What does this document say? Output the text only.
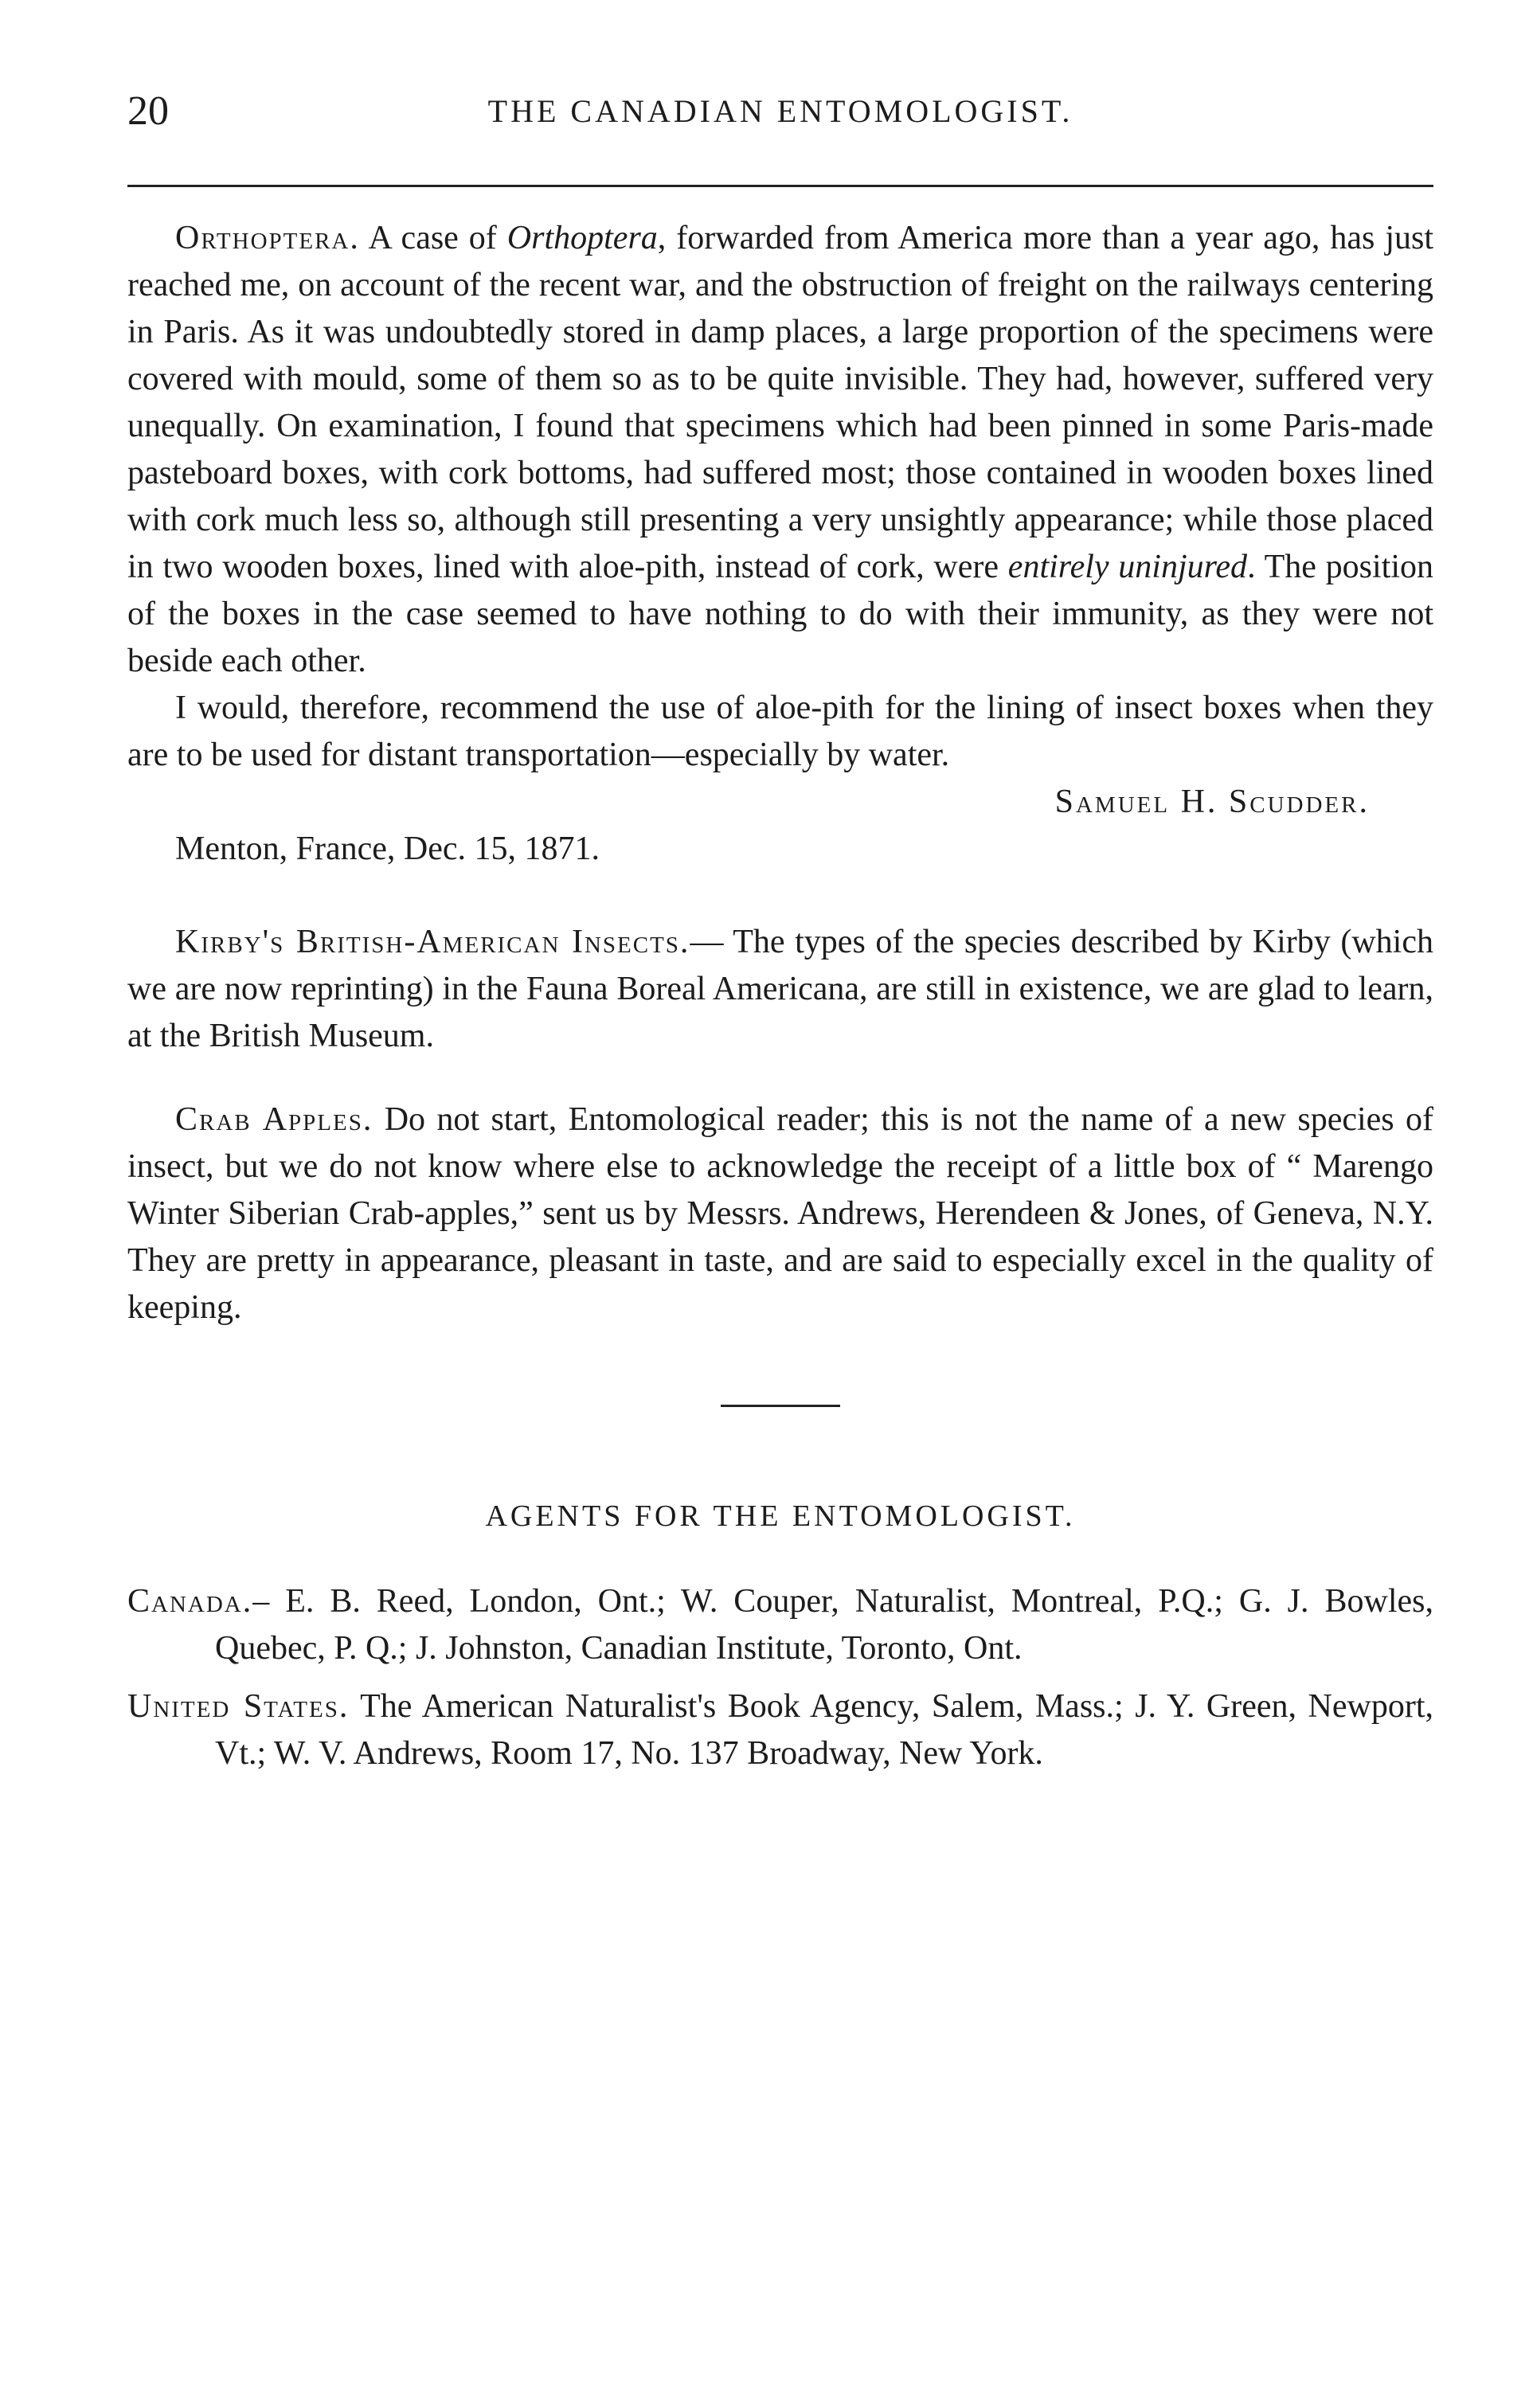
20	THE CANADIAN ENTOMOLOGIST.

Orthoptera. A case of Orthoptera, forwarded from America more than a year ago, has just reached me, on account of the recent war, and the obstruction of freight on the railways centering in Paris. As it was undoubtedly stored in damp places, a large proportion of the specimens were covered with mould, some of them so as to be quite invisible. They had, however, suffered very unequally. On examination, I found that specimens which had been pinned in some Paris-made pasteboard boxes, with cork bottoms, had suffered most; those contained in wooden boxes lined with cork much less so, although still presenting a very unsightly appearance; while those placed in two wooden boxes, lined with aloe-pith, instead of cork, were entirely uninjured. The position of the boxes in the case seemed to have nothing to do with their immunity, as they were not beside each other.

I would, therefore, recommend the use of aloe-pith for the lining of insect boxes when they are to be used for distant transportation—especially by water.

Samuel H. Scudder.
Menton, France, Dec. 15, 1871.

Kirby's British-American Insects.— The types of the species described by Kirby (which we are now reprinting) in the Fauna Boreal Americana, are still in existence, we are glad to learn, at the British Museum.

Crab Apples. Do not start, Entomological reader; this is not the name of a new species of insect, but we do not know where else to acknowledge the receipt of a little box of “ Marengo Winter Siberian Crab-apples,” sent us by Messrs. Andrews, Herendeen & Jones, of Geneva, N.Y. They are pretty in appearance, pleasant in taste, and are said to especially excel in the quality of keeping.

AGENTS FOR THE ENTOMOLOGIST.

Canada.– E. B. Reed, London, Ont.; W. Couper, Naturalist, Montreal, P.Q.; G. J. Bowles, Quebec, P. Q.; J. Johnston, Canadian Institute, Toronto, Ont.

United States. The American Naturalist's Book Agency, Salem, Mass.; J. Y. Green, Newport, Vt.; W. V. Andrews, Room 17, No. 137 Broadway, New York.
